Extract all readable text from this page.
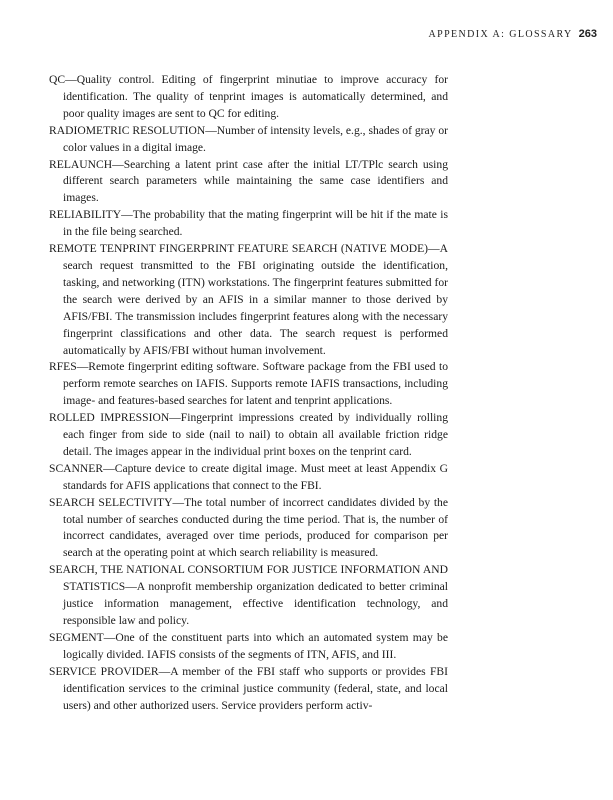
APPENDIX A: GLOSSARY 263

QC—Quality control. Editing of fingerprint minutiae to improve accuracy for identification. The quality of tenprint images is automatically determined, and poor quality images are sent to QC for editing.

RADIOMETRIC RESOLUTION—Number of intensity levels, e.g., shades of gray or color values in a digital image.

RELAUNCH—Searching a latent print case after the initial LT/TPlc search using different search parameters while maintaining the same case identifiers and images.

RELIABILITY—The probability that the mating fingerprint will be hit if the mate is in the file being searched.

REMOTE TENPRINT FINGERPRINT FEATURE SEARCH (NATIVE MODE)—A search request transmitted to the FBI originating outside the identification, tasking, and networking (ITN) workstations. The fingerprint features submitted for the search were derived by an AFIS in a similar manner to those derived by AFIS/FBI. The transmission includes fingerprint features along with the necessary fingerprint classifications and other data. The search request is performed automatically by AFIS/FBI without human involvement.

RFES—Remote fingerprint editing software. Software package from the FBI used to perform remote searches on IAFIS. Supports remote IAFIS transactions, including image- and features-based searches for latent and tenprint applications.

ROLLED IMPRESSION—Fingerprint impressions created by individually rolling each finger from side to side (nail to nail) to obtain all available friction ridge detail. The images appear in the individual print boxes on the tenprint card.

SCANNER—Capture device to create digital image. Must meet at least Appendix G standards for AFIS applications that connect to the FBI.

SEARCH SELECTIVITY—The total number of incorrect candidates divided by the total number of searches conducted during the time period. That is, the number of incorrect candidates, averaged over time periods, produced for comparison per search at the operating point at which search reliability is measured.

SEARCH, THE NATIONAL CONSORTIUM FOR JUSTICE INFORMATION AND STATISTICS—A nonprofit membership organization dedicated to better criminal justice information management, effective identification technology, and responsible law and policy.

SEGMENT—One of the constituent parts into which an automated system may be logically divided. IAFIS consists of the segments of ITN, AFIS, and III.

SERVICE PROVIDER—A member of the FBI staff who supports or provides FBI identification services to the criminal justice community (federal, state, and local users) and other authorized users. Service providers perform activ-
